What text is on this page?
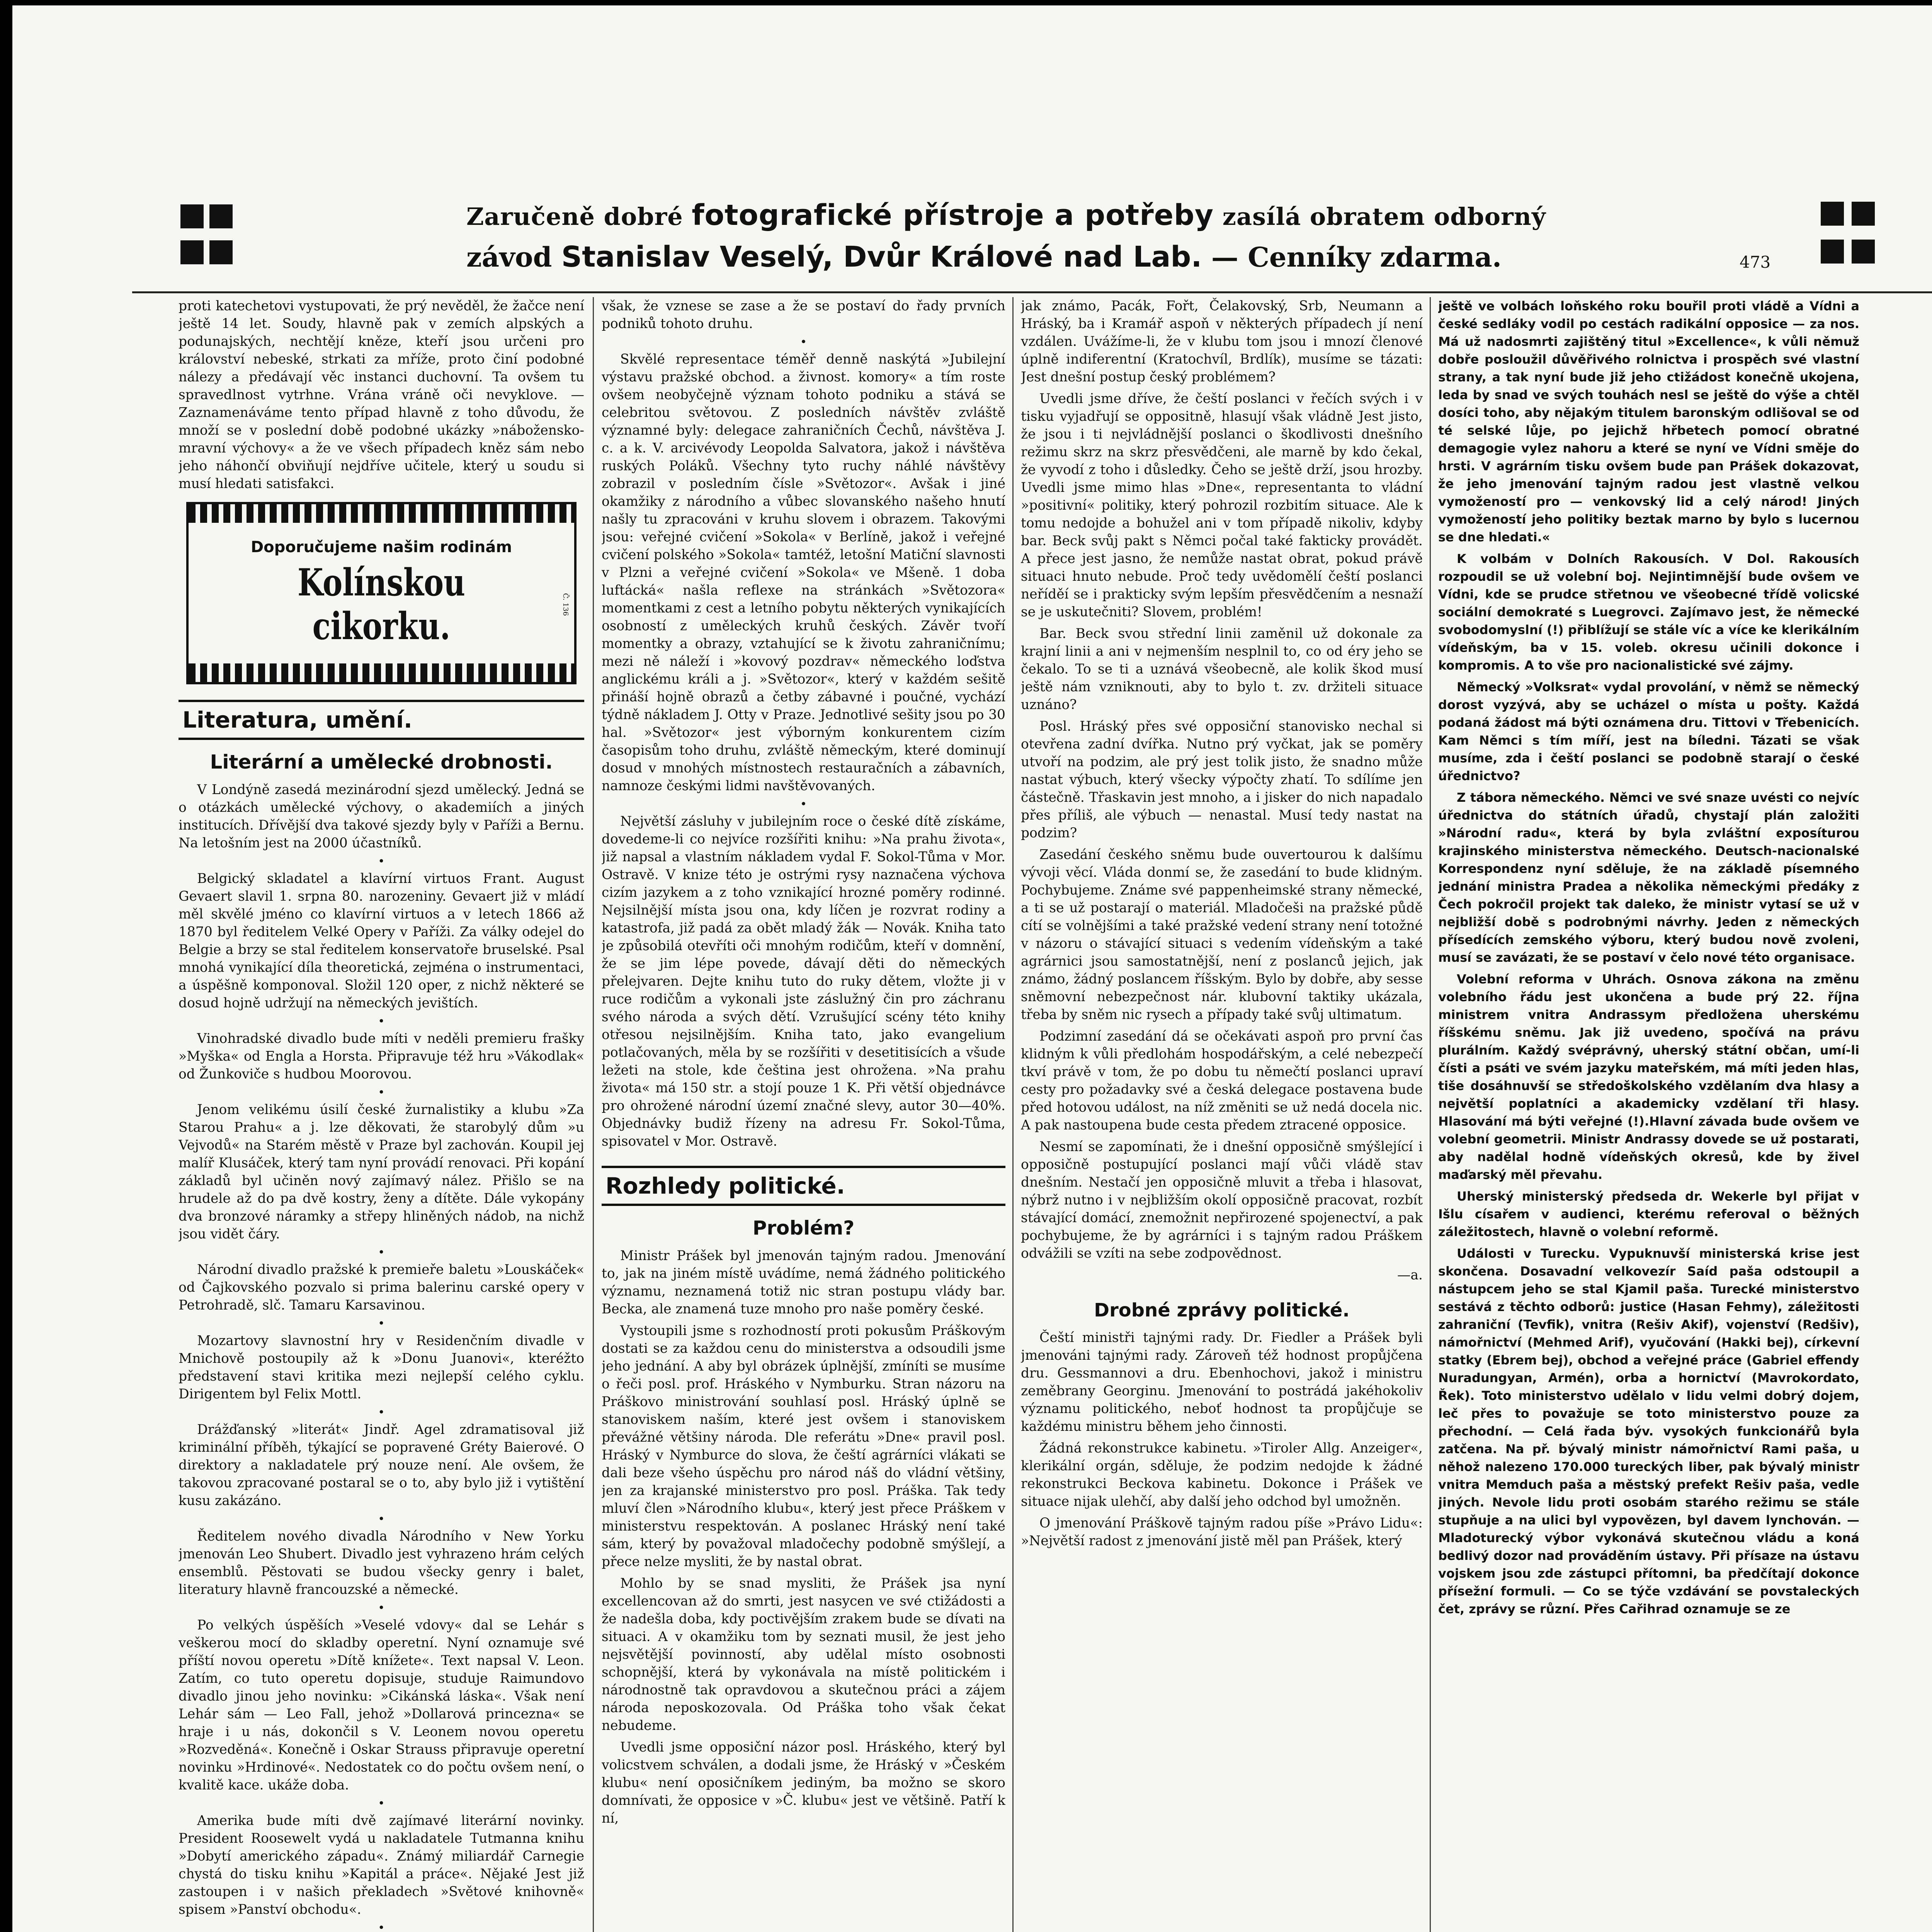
Zaručeně dobré fotografické přístroje a potřeby zasílá obratem odborný
závod Stanislav Veselý, Dvůr Králové nad Lab. — Cenníky zdarma.	473

proti katechetovi vystupovati, že prý nevěděl, že žačce není ještě 14 let. Soudy, hlavně pak v zemích alpských a podunajských, nechtějí kněze, kteří jsou určeni pro království nebeské, strkati za mříže, proto činí podobné nálezy a předávají věc instanci duchovní. Ta ovšem tu spravedlnost vytrhne. Vrána vráně oči nevyklove. — Zaznamenáváme tento případ hlavně z toho důvodu, že množí se v poslední době podobné ukázky »nábožensko-mravní výchovy« a že ve všech případech kněz sám nebo jeho náhončí obviňují nejdříve učitele, který u soudu si musí hledati satisfakci.

Doporučujeme našim rodinám
Kolínskou cikorku.	Č. 136
Literatura, umění.
Literární a umělecké drobnosti.

V Londýně zasedá mezinárodní sjezd umělecký. Jedná se o otázkách umělecké výchovy, o akademiích a jiných institucích. Dřívější dva takové sjezdy byly v Paříži a Bernu. Na letošním jest na 2000 účastníků.

•

Belgický skladatel a klavírní virtuos Frant. August Gevaert slavil 1. srpna 80. narozeniny. Gevaert již v mládí měl skvělé jméno co klavírní virtuos a v letech 1866 až 1870 byl ředitelem Velké Opery v Paříži. Za války odejel do Belgie a brzy se stal ředitelem konservatoře bruselské. Psal mnohá vynikající díla theoretická, zejména o instrumentaci, a úspěšně komponoval. Složil 120 oper, z nichž některé se dosud hojně udržují na německých jevištích.

•

Vinohradské divadlo bude míti v neděli premieru frašky »Myška« od Engla a Horsta. Připravuje též hru »Vákodlak« od Žunkoviče s hudbou Moorovou.

•

Jenom velikému úsilí české žurnalistiky a klubu »Za Starou Prahu« a j. lze děkovati, že starobylý dům »u Vejvodů« na Starém městě v Praze byl zachován. Koupil jej malíř Klusáček, který tam nyní provádí renovaci. Při kopání základů byl učiněn nový zajímavý nález. Přišlo se na hrudele až do pa dvě kostry, ženy a dítěte. Dále vykopány dva bronzové náramky a střepy hliněných nádob, na nichž jsou vidět čáry.

•

Národní divadlo pražské k premieře baletu »Louskáček« od Čajkovského pozvalo si prima balerinu carské opery v Petrohradě, slč. Tamaru Karsavinou.

•

Mozartovy slavnostní hry v Residenčním divadle v Mnichově postoupily až k »Donu Juanovi«, kteréžto představení stavi kritika mezi nejlepší celého cyklu. Dirigentem byl Felix Mottl.

•

Drážďanský »literát« Jindř. Agel zdramatisoval již kriminální příběh, týkající se popravené Gréty Baierové. O direktory a nakladatele prý nouze není. Ale ovšem, že takovou zpracované postaral se o to, aby bylo již i vytištění kusu zakázáno.

•

Ředitelem nového divadla Národního v New Yorku jmenován Leo Shubert. Divadlo jest vyhrazeno hrám celých ensemblů. Pěstovati se budou všecky genry i balet, literatury hlavně francouzské a německé.

•

Po velkých úspěších »Veselé vdovy« dal se Lehár s veškerou mocí do skladby operetní. Nyní oznamuje své příští novou operetu »Dítě knížete«. Text napsal V. Leon. Zatím, co tuto operetu dopisuje, studuje Raimundovo divadlo jinou jeho novinku: »Cikánská láska«. Však není Lehár sám — Leo Fall, jehož »Dollarová princezna« se hraje i u nás, dokončil s V. Leonem novou operetu »Rozveděná«. Konečně i Oskar Strauss připravuje operetní novinku »Hrdinové«. Nedostatek co do počtu ovšem není, o kvalitě kace. ukáže doba.

•

Amerika bude míti dvě zajímavé literární novinky. President Roosewelt vydá u nakladatele Tutmanna knihu »Dobytí amerického západu«. Známý miliardář Carnegie chystá do tisku knihu »Kapitál a práce«. Nějaké Jest již zastoupen i v našich překladech »Světové knihovně« spisem »Panství obchodu«.

•

však, že vznese se zase a že se postaví do řady prvních podniků tohoto druhu.

•

Skvělé representace téměř denně naskýtá »Jubilejní výstavu pražské obchod. a živnost. komory« a tím roste ovšem neobyčejně význam tohoto podniku a stává se celebritou světovou. Z posledních návštěv zvláště významné byly: delegace zahraničních Čechů, návštěva J. c. a k. V. arcivévody Leopolda Salvatora, jakož i návštěva ruských Poláků. Všechny tyto ruchy náhlé návštěvy zobrazil v posledním čísle »Světozor«. Avšak i jiné okamžiky z národního a vůbec slovanského našeho hnutí našly tu zpracováni v kruhu slovem i obrazem. Takovými jsou: veřejné cvičení »Sokola« v Berlíně, jakož i veřejné cvičení polského »Sokola« tamtéž, letošní Matiční slavnosti v Plzni a veřejné cvičení »Sokola« ve Mšeně. 1 doba luftácká« našla reflexe na stránkách »Světozora« momentkami z cest a letního pobytu některých vynikajících osobností z uměleckých kruhů českých. Závěr tvoří momentky a obrazy, vztahující se k životu zahraničnímu; mezi ně náleží i »kovový pozdrav« německého loďstva anglickému králi a j. »Světozor«, který v každém sešitě přináší hojně obrazů a četby zábavné i poučné, vychází týdně nákladem J. Otty v Praze. Jednotlivé sešity jsou po 30 hal. »Světozor« jest výborným konkurentem cizím časopisům toho druhu, zvláště německým, které dominují dosud v mnohých místnostech restauračních a zábavních, namnoze českými lidmi navštěvovaných.

•

Největší zásluhy v jubilejním roce o české dítě získáme, dovedeme-li co nejvíce rozšířiti knihu: »Na prahu života«, již napsal a vlastním nákladem vydal F. Sokol-Tůma v Mor. Ostravě. V knize této je ostrými rysy naznačena výchova cizím jazykem a z toho vznikající hrozné poměry rodinné. Nejsilnější místa jsou ona, kdy líčen je rozvrat rodiny a katastrofa, již padá za obět mladý žák — Novák. Kniha tato je způsobilá otevříti oči mnohým rodičům, kteří v domnění, že se jim lépe povede, dávají děti do německých přelejvaren. Dejte knihu tuto do ruky dětem, vložte ji v ruce rodičům a vykonali jste záslužný čin pro záchranu svého národa a svých dětí. Vzrušující scény této knihy otřesou nejsilnějším. Kniha tato, jako evangelium potlačovaných, měla by se rozšířiti v desetitisících a všude ležeti na stole, kde čeština jest ohrožena. »Na prahu života« má 150 str. a stojí pouze 1 K. Při větší objednávce pro ohrožené národní území značné slevy, autor 30—40%. Objednávky budiž řízeny na adresu Fr. Sokol-Tůma, spisovatel v Mor. Ostravě.

Rozhledy politické.
Problém?

Ministr Prášek byl jmenován tajným radou. Jmenování to, jak na jiném místě uvádíme, nemá žádného politického významu, neznamená totiž nic stran postupu vlády bar. Becka, ale znamená tuze mnoho pro naše poměry české.

Vystoupili jsme s rozhodností proti pokusům Práškovým dostati se za každou cenu do ministerstva a odsoudili jsme jeho jednání. A aby byl obrázek úplnější, zmíníti se musíme o řeči posl. prof. Hráského v Nymburku. Stran názoru na Práškovo ministrování souhlasí posl. Hráský úplně se stanoviskem naším, které jest ovšem i stanoviskem převážné většiny národa. Dle referátu »Dne« pravil posl. Hráský v Nymburce do slova, že čeští agrárníci vlákati se dali beze všeho úspěchu pro národ náš do vládní většiny, jen za krajanské ministerstvo pro posl. Práška. Tak tedy mluví člen »Národního klubu«, který jest přece Práškem v ministerstvu respektován. A poslanec Hráský není také sám, který by považoval mladočechy podobně smýšlejí, a přece nelze mysliti, že by nastal obrat.

Mohlo by se snad mysliti, že Prášek jsa nyní excellencovan až do smrti, jest nasycen ve své ctižádosti a že nadešla doba, kdy poctivějším zrakem bude se dívati na situaci. A v okamžiku tom by seznati musil, že jest jeho nejsvětější povinností, aby udělal místo osobnosti schopnější, která by vykonávala na místě politickém i národnostně tak opravdovou a skutečnou práci a zájem národa neposkozovala. Od Práška toho však čekat nebudeme.

Uvedli jsme opposiční názor posl. Hráského, který byl volicstvem schválen, a dodali jsme, že Hráský v »Českém klubu« není oposičníkem jediným, ba možno se skoro domnívati, že opposice v »Č. klubu« jest ve většině. Patří k ní,

jak známo, Pacák, Fořt, Čelakovský, Srb, Neumann a Hráský, ba i Kramář aspoň v některých případech jí není vzdálen. Uvážíme-li, že v klubu tom jsou i mnozí členové úplně indiferentní (Kratochvíl, Brdlík), musíme se tázati: Jest dnešní postup český problémem?

Uvedli jsme dříve, že čeští poslanci v řečích svých i v tisku vyjadřují se oppositně, hlasují však vládně Jest jisto, že jsou i ti nejvládnější poslanci o škodlivosti dnešního režimu skrz na skrz přesvědčeni, ale marně by kdo čekal, že vyvodí z toho i důsledky. Čeho se ještě drží, jsou hrozby. Uvedli jsme mimo hlas »Dne«, representanta to vládní »positivní« politiky, který pohrozil rozbitím situace. Ale k tomu nedojde a bohužel ani v tom případě nikoliv, kdyby bar. Beck svůj pakt s Němci počal také fakticky provádět. A přece jest jasno, že nemůže nastat obrat, pokud právě situaci hnuto nebude. Proč tedy uvědomělí čeští poslanci neříděí se i prakticky svým lepším přesvědčením a nesnaží se je uskutečniti? Slovem, problém!

Bar. Beck svou střední linii zaměnil už dokonale za krajní linii a ani v nejmenším nesplnil to, co od éry jeho se čekalo. To se ti a uznává všeobecně, ale kolik škod musí ještě nám vzniknouti, aby to bylo t. zv. držiteli situace uznáno?

Posl. Hráský přes své opposiční stanovisko nechal si otevřena zadní dvířka. Nutno prý vyčkat, jak se poměry utvoří na podzim, ale prý jest tolik jisto, že snadno může nastat výbuch, který všecky výpočty zhatí. To sdílíme jen částečně. Třaskavin jest mnoho, a i jisker do nich napadalo přes příliš, ale výbuch — nenastal. Musí tedy nastat na podzim?

Zasedání českého sněmu bude ouvertourou k dalšímu vývoji věcí. Vláda donmí se, že zasedání to bude klidným. Pochybujeme. Známe své pappenheimské strany německé, a ti se už postarají o materiál. Mladočeši na pražské půdě cítí se volnějšími a také pražské vedení strany není totožné v názoru o stávající situaci s vedením vídeňským a také agrárnici jsou samostatnější, není z poslanců jejich, jak známo, žádný poslancem říšským. Bylo by dobře, aby sesse sněmovní nebezpečnost nár. klubovní taktiky ukázala, třeba by sněm nic rysech a případy také svůj ultimatum.

Podzimní zasedání dá se očekávati aspoň pro první čas klidným k vůli předlohám hospodářským, a celé nebezpečí tkví právě v tom, že po dobu tu němečtí poslanci upraví cesty pro požadavky své a česká delegace postavena bude před hotovou událost, na níž změniti se už nedá docela nic. A pak nastoupena bude cesta předem ztracené opposice.

Nesmí se zapomínati, že i dnešní opposičně smýšlející i opposičně postupující poslanci mají vůči vládě stav dnešním. Nestačí jen opposičně mluvit a třeba i hlasovat, nýbrž nutno i v nejbližším okolí opposičně pracovat, rozbít stávající domácí, znemožnit nepřirozené spojenectví, a pak pochybujeme, že by agrárníci i s tajným radou Práškem odvážili se vzíti na sebe zodpovědnost.

—a.

Drobné zprávy politické.

Čeští ministři tajnými rady. Dr. Fiedler a Prášek byli jmenováni tajnými rady. Zároveň též hodnost propůjčena dru. Gessmannovi a dru. Ebenhochovi, jakož i ministru zeměbrany Georginu. Jmenování to postrádá jakéhokoliv významu politického, neboť hodnost ta propůjčuje se každému ministru během jeho činnosti.

Žádná rekonstrukce kabinetu. »Tiroler Allg. Anzeiger«, klerikální orgán, sděluje, že podzim nedojde k žádné rekonstrukci Beckova kabinetu. Dokonce i Prášek ve situace nijak ulehčí, aby další jeho odchod byl umožněn.

O jmenování Práškově tajným radou píše »Právo Lidu«: »Největší radost z jmenování jistě měl pan Prášek, který

ještě ve volbách loňského roku bouřil proti vládě a Vídni a české sedláky vodil po cestách radikální opposice — za nos. Má už nadosmrti zajištěný titul »Excellence«, k vůli němuž dobře posloužil důvěřivého rolnictva i prospěch své vlastní strany, a tak nyní bude již jeho ctižádost konečně ukojena, leda by snad ve svých touhách nesl se ještě do výše a chtěl dosíci toho, aby nějakým titulem baronským odlišoval se od té selské lůje, po jejichž hřbetech pomocí obratné demagogie vylez nahoru a které se nyní ve Vídni směje do hrsti. V agrárním tisku ovšem bude pan Prášek dokazovat, že jeho jmenování tajným radou jest vlastně velkou vymožeností pro — venkovský lid a celý národ! Jiných vymožeností jeho politiky beztak marno by bylo s lucernou se dne hledati.«

K volbám v Dolních Rakousích. V Dol. Rakousích rozpoudil se už volební boj. Nejintimnější bude ovšem ve Vídni, kde se prudce střetnou ve všeobecné třídě volicské sociální demokraté s Luegrovci. Zajímavo jest, že německé svobodomyslní (!) přiblížují se stále víc a více ke klerikálním vídeňským, ba v 15. voleb. okresu učinili dokonce i kompromis. A to vše pro nacionalistické své zájmy.

Německý »Volksrat« vydal provolání, v němž se německý dorost vyzývá, aby se ucházel o místa u pošty. Každá podaná žádost má býti oznámena dru. Tittovi v Třebenicích. Kam Němci s tím míří, jest na bíledni. Tázati se však musíme, zda i čeští poslanci se podobně starají o české úřednictvo?

Z tábora německého. Němci ve své snaze uvésti co nejvíc úřednictva do státních úřadů, chystají plán založiti »Národní radu«, která by byla zvláštní exposíturou krajinského ministerstva německého. Deutsch-nacionalské Korrespondenz nyní sděluje, že na základě písemného jednání ministra Pradea a několika německými předáky z Čech pokročil projekt tak daleko, že ministr vytasí se už v nejbližší době s podrobnými návrhy. Jeden z německých přísedících zemského výboru, který budou nově zvoleni, musí se zavázati, že se postaví v čelo nové této organisace.

Volební reforma v Uhrách. Osnova zákona na změnu volebního řádu jest ukončena a bude prý 22. října ministrem vnitra Andrassym předložena uherskému říšskému sněmu. Jak již uvedeno, spočívá na právu plurálním. Každý svéprávný, uherský státní občan, umí-li čísti a psáti ve svém jazyku mateřském, má míti jeden hlas, tiše dosáhnuvší se středoškolského vzdělaním dva hlasy a největší poplatníci a akademicky vzdělaní tři hlasy. Hlasování má býti veřejné (!).Hlavní závada bude ovšem ve volební geometrii. Ministr Andrassy dovede se už postarati, aby nadělal hodně vídeňských okresů, kde by živel maďarský měl převahu.

Uherský ministerský předseda dr. Wekerle byl přijat v Išlu císařem v audienci, kterému referoval o běžných záležitostech, hlavně o volební reformě.

Události v Turecku. Vypuknuvší ministerská krise jest skončena. Dosavadní velkovezír Saíd paša odstoupil a nástupcem jeho se stal Kjamil paša. Turecké ministerstvo sestává z těchto odborů: justice (Hasan Fehmy), záležitosti zahraniční (Tevfik), vnitra (Rešiv Akif), vojenství (Redšiv), námořnictví (Mehmed Arif), vyučování (Hakki bej), církevní statky (Ebrem bej), obchod a veřejné práce (Gabriel effendy Nuradungyan, Armén), orba a hornictví (Mavrokordato, Řek). Toto ministerstvo udělalo v lidu velmi dobrý dojem, leč přes to považuje se toto ministerstvo pouze za přechodní. — Celá řada býv. vysokých funkcionářů byla zatčena. Na př. bývalý ministr námořnictví Rami paša, u něhož nalezeno 170.000 tureckých liber, pak bývalý ministr vnitra Memduch paša a městský prefekt Rešiv paša, vedle jiných. Nevole lidu proti osobám starého režimu se stále stupňuje a na ulici byl vypovězen, byl davem lynchován. — Mladoturecký výbor vykonává skutečnou vládu a koná bedlivý dozor nad prováděním ústavy. Při přísaze na ústavu vojskem jsou zde zástupci přítomni, ba předčítají dokonce přísežní formuli. — Co se týče vzdávání se povstaleckých čet, zprávy se různí. Přes Cařihrad oznamuje se ze
